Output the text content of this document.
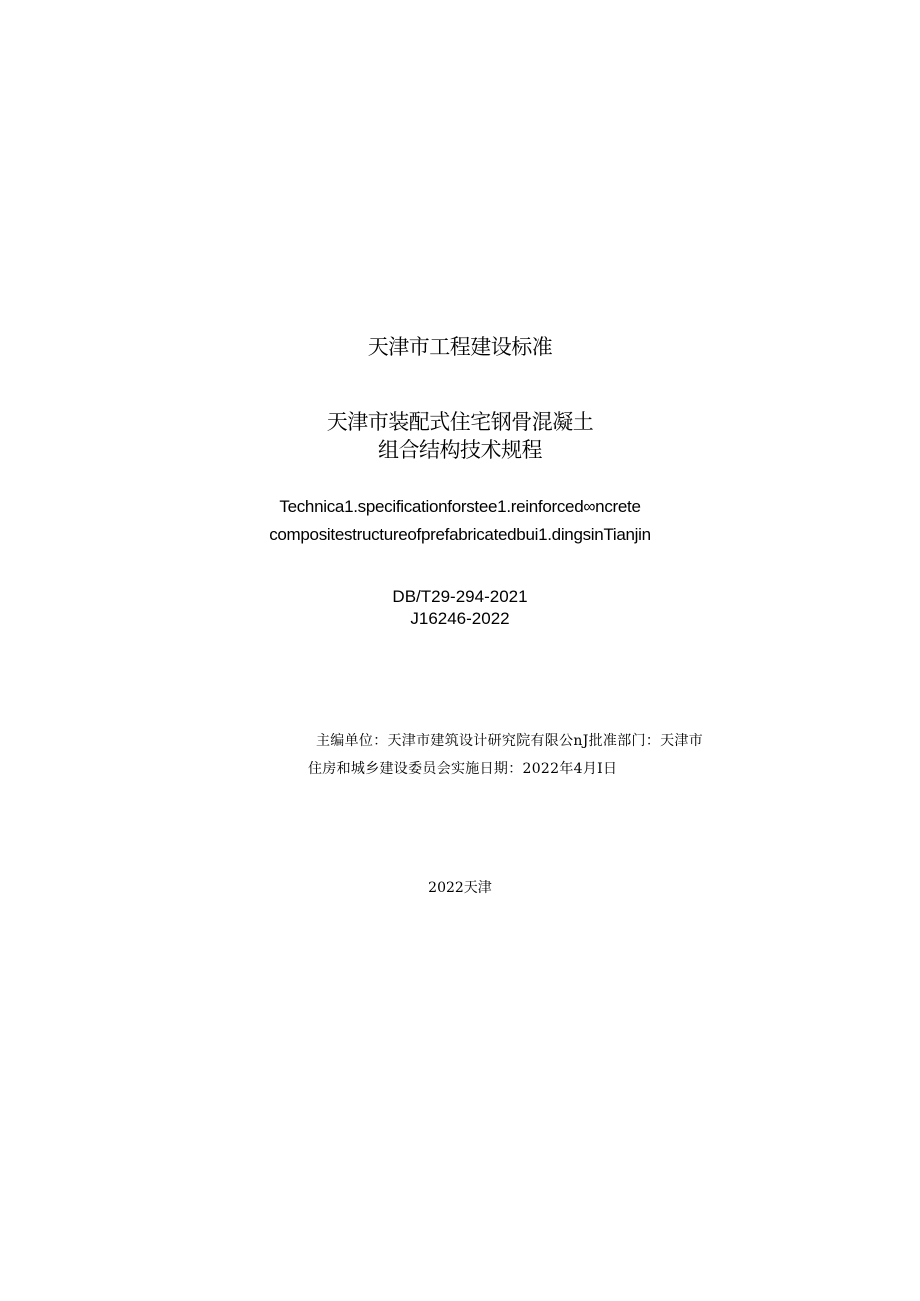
天津市工程建设标准
天津市装配式住宅钢骨混凝土
组合结构技术规程
Technica1.specificationforstee1.reinforced∞ncrete
compositestructureofprefabricatedbui1.dingsinTianjin
DB/T29-294-2021
J16246-2022
主编单位：天津市建筑设计研究院有限公nJ批准部门：天津市
住房和城乡建设委员会实施日期：2022年4月I日
2022天津
